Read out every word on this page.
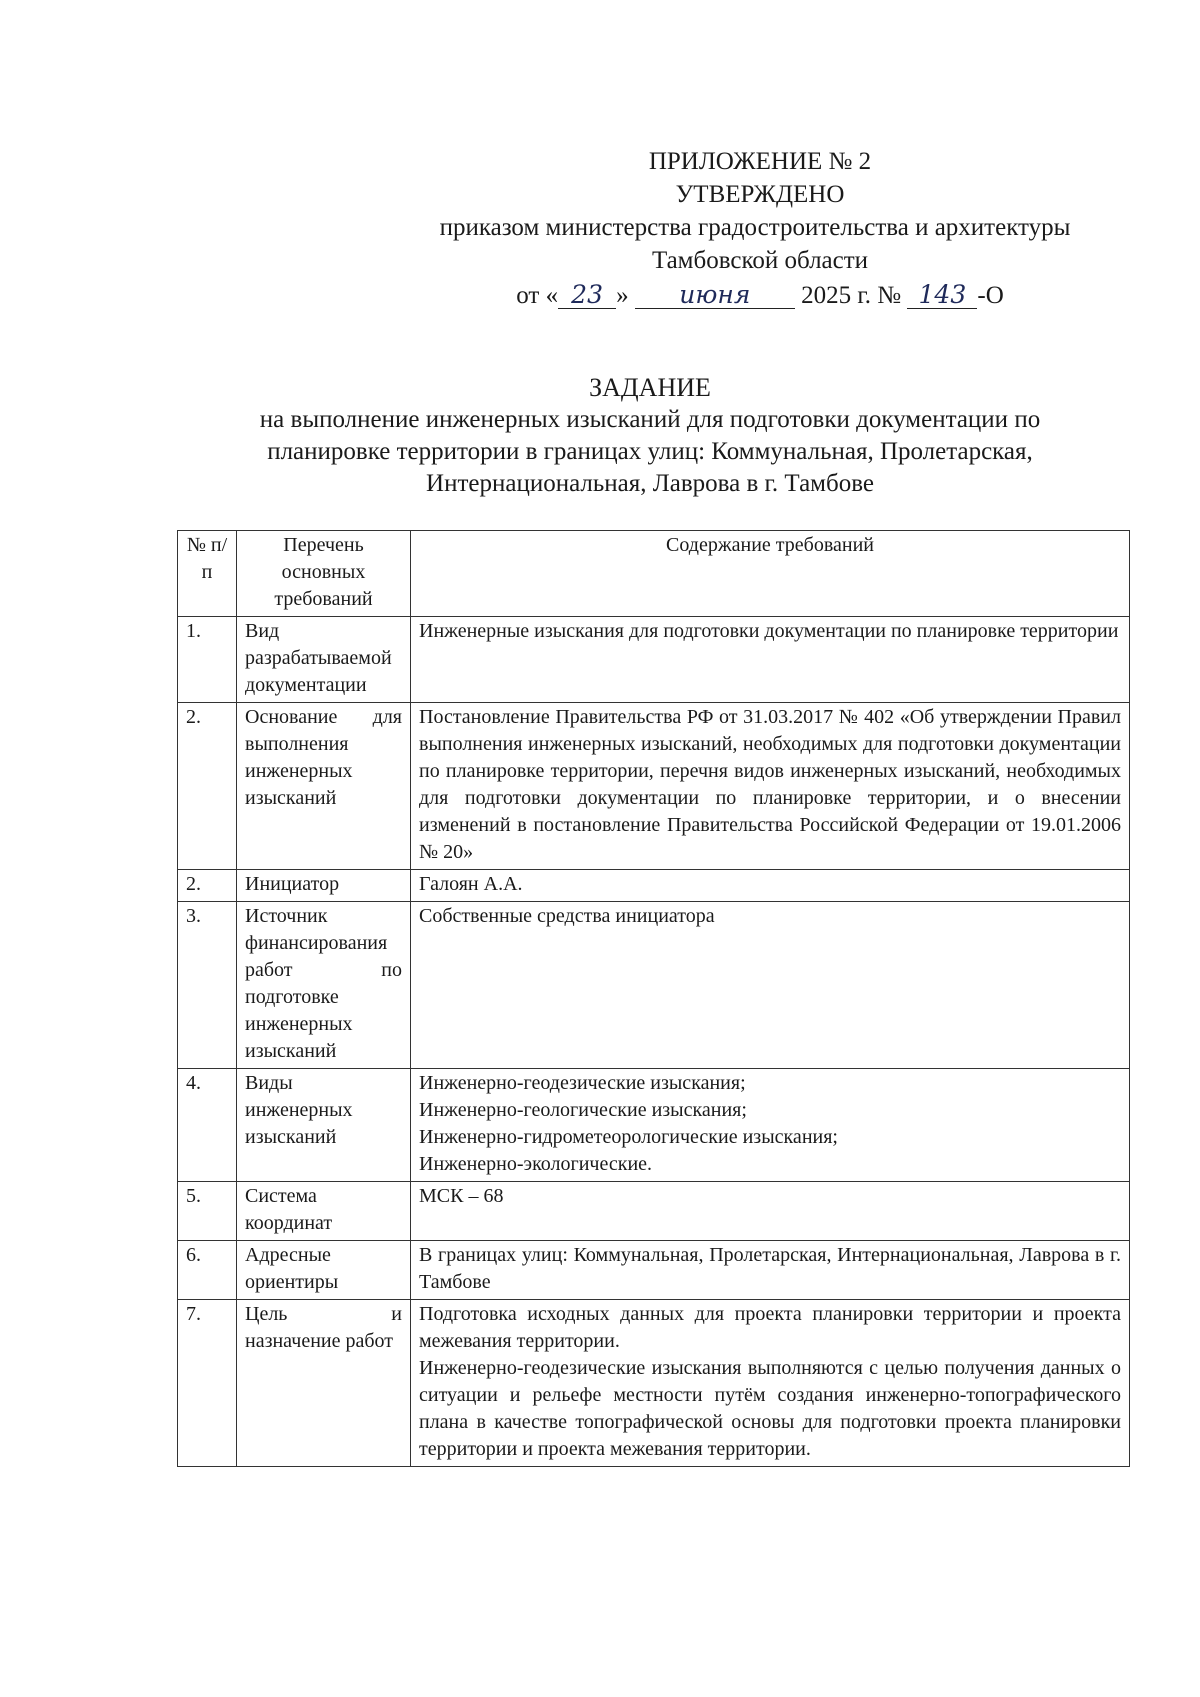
ПРИЛОЖЕНИЕ № 2
УТВЕРЖДЕНО
приказом министерства градостроительства и архитектуры
Тамбовской области
от « 23 » июня 2025 г. № 143 -О
ЗАДАНИЕ
на выполнение инженерных изысканий для подготовки документации по планировке территории в границах улиц: Коммунальная, Пролетарская, Интернациональная, Лаврова в г. Тамбове
№ п/п	Перечень основных требований	Содержание требований
1.	Вид разрабатываемой документации	Инженерные изыскания для подготовки документации по планировке территории
2.	Основание для выполнения инженерных изысканий	Постановление Правительства РФ от 31.03.2017 № 402 «Об утверждении Правил выполнения инженерных изысканий, необходимых для подготовки документации по планировке территории, перечня видов инженерных изысканий, необходимых для подготовки документации по планировке территории, и о внесении изменений в постановление Правительства Российской Федерации от 19.01.2006 № 20»
2.	Инициатор	Галоян А.А.
3.	Источник финансирования работ по подготовке инженерных изысканий	Собственные средства инициатора
4.	Виды инженерных изысканий	Инженерно-геодезические изыскания;
Инженерно-геологические изыскания;
Инженерно-гидрометеорологические изыскания;
Инженерно-экологические.

5.	Система координат	МСК – 68
6.	Адресные ориентиры	В границах улиц: Коммунальная, Пролетарская, Интернациональная, Лаврова в г. Тамбове
7.	Цель и назначение работ	Подготовка исходных данных для проекта планировки территории и проекта межевания территории.
Инженерно-геодезические изыскания выполняются с целью получения данных о ситуации и рельефе местности путём создания инженерно-топографического плана в качестве топографической основы для подготовки проекта планировки территории и проекта межевания территории.
